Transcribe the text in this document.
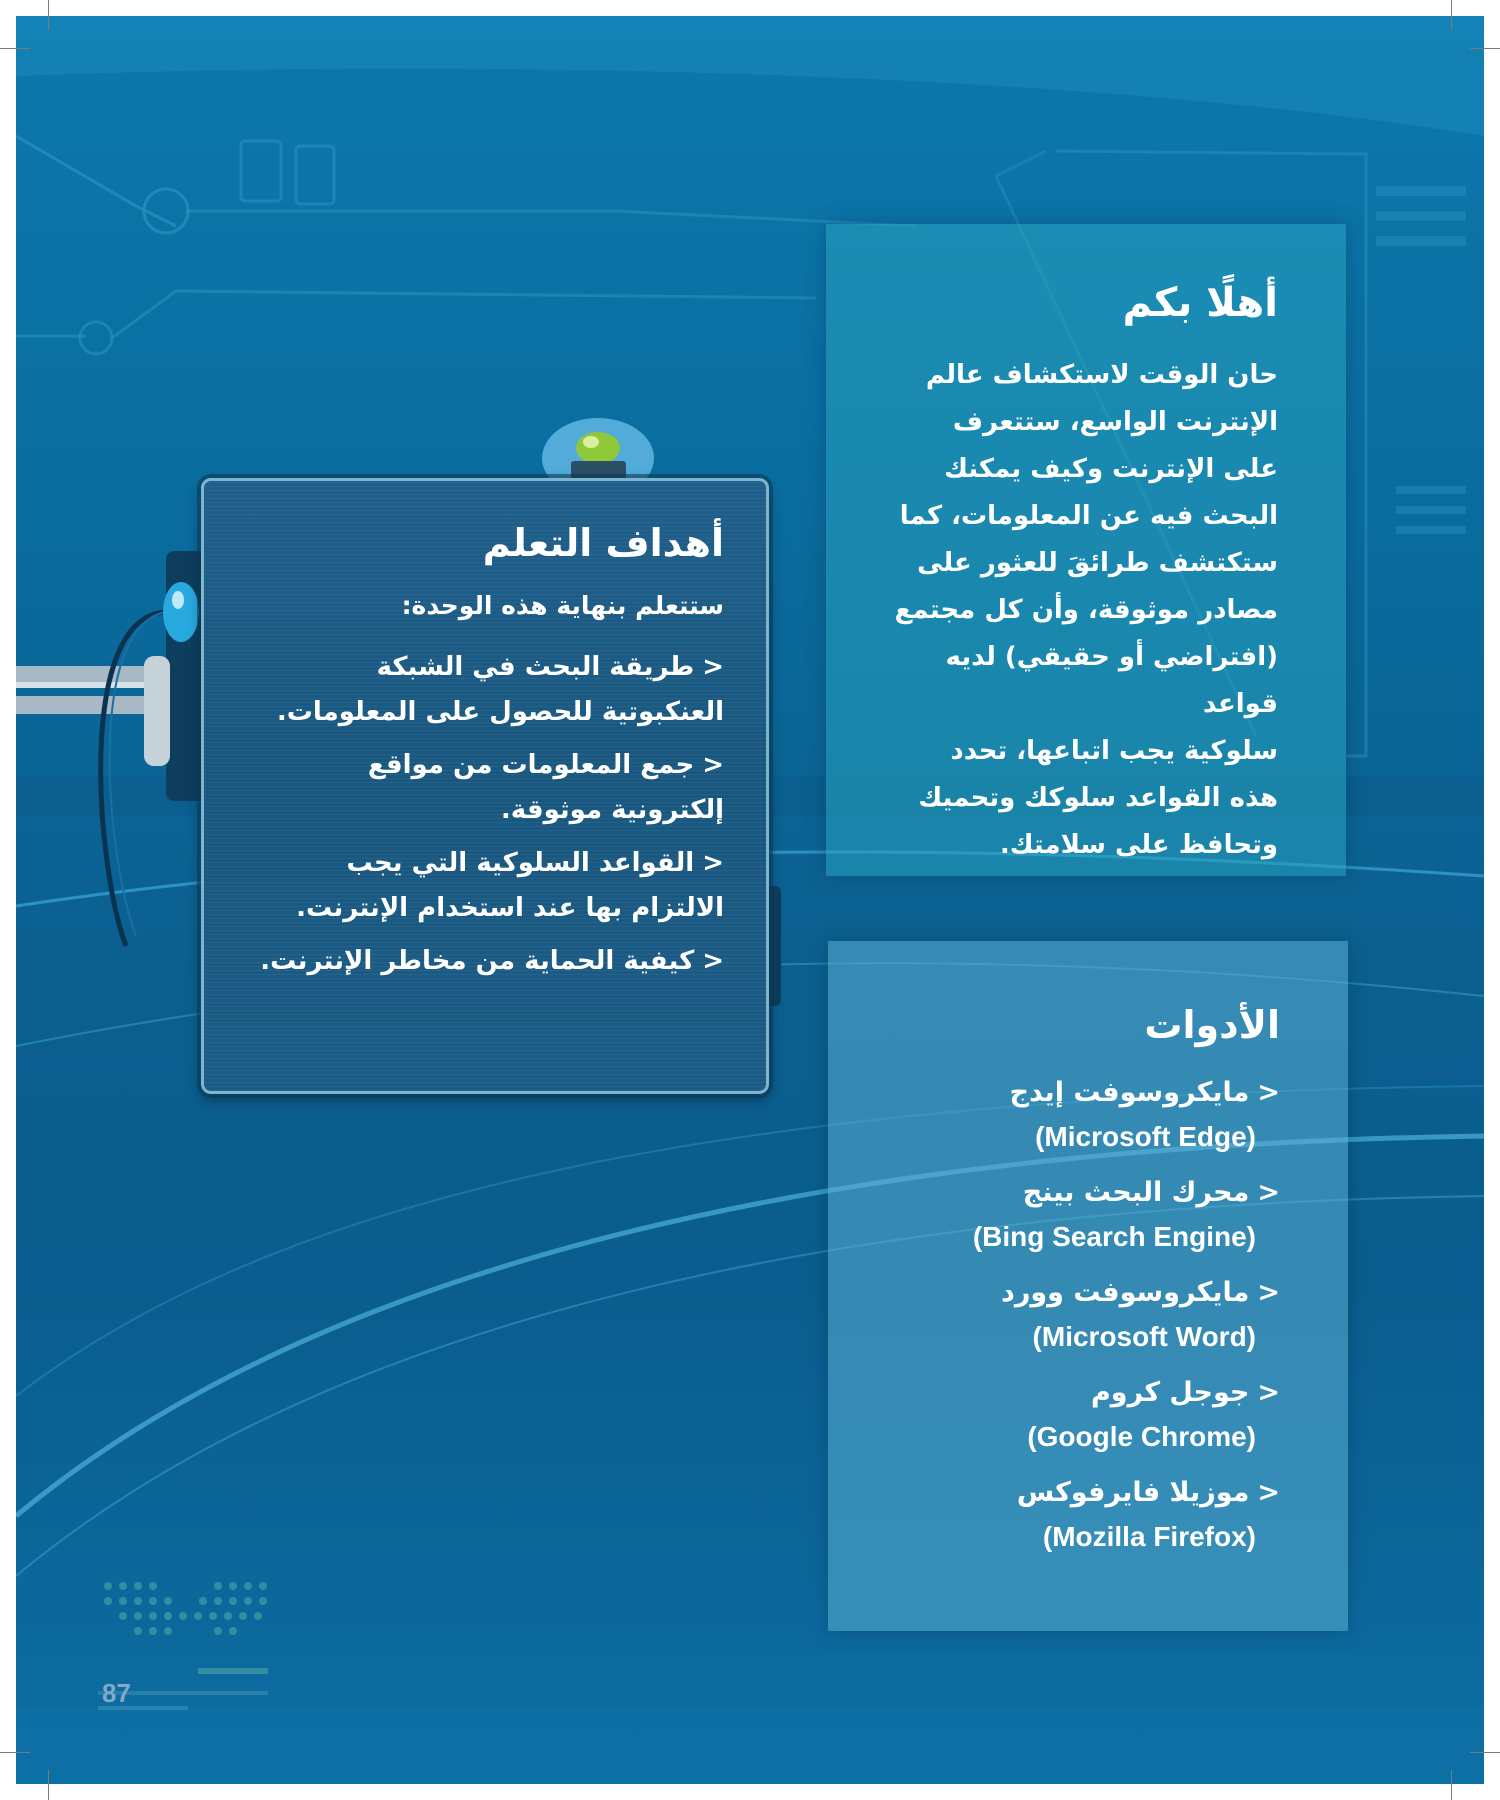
أهلًا بكم

حان الوقت لاستكشاف عالم
الإنترنت الواسع، ستتعرف
على الإنترنت وكيف يمكنك
البحث فيه عن المعلومات، كما
ستكتشف طرائقَ للعثور على
مصادر موثوقة، وأن كل مجتمع
(افتراضي أو حقيقي) لديه قواعد
سلوكية يجب اتباعها، تحدد
هذه القواعد سلوكك وتحميك
وتحافظ على سلامتك.

أهداف التعلم

ستتعلم بنهاية هذه الوحدة:

<طريقة البحث في الشبكة العنكبوتية للحصول على المعلومات.
<جمع المعلومات من مواقع إلكترونية موثوقة.
<القواعد السلوكية التي يجب الالتزام بها عند استخدام الإنترنت.
<كيفية الحماية من مخاطر الإنترنت.
الأدوات
<مايكروسوفت إيدج
(Microsoft Edge)
<محرك البحث بينج
(Bing Search Engine)
<مايكروسوفت وورد
(Microsoft Word)
<جوجل كروم
(Google Chrome)
<موزيلا فايرفوكس
(Mozilla Firefox)
87
